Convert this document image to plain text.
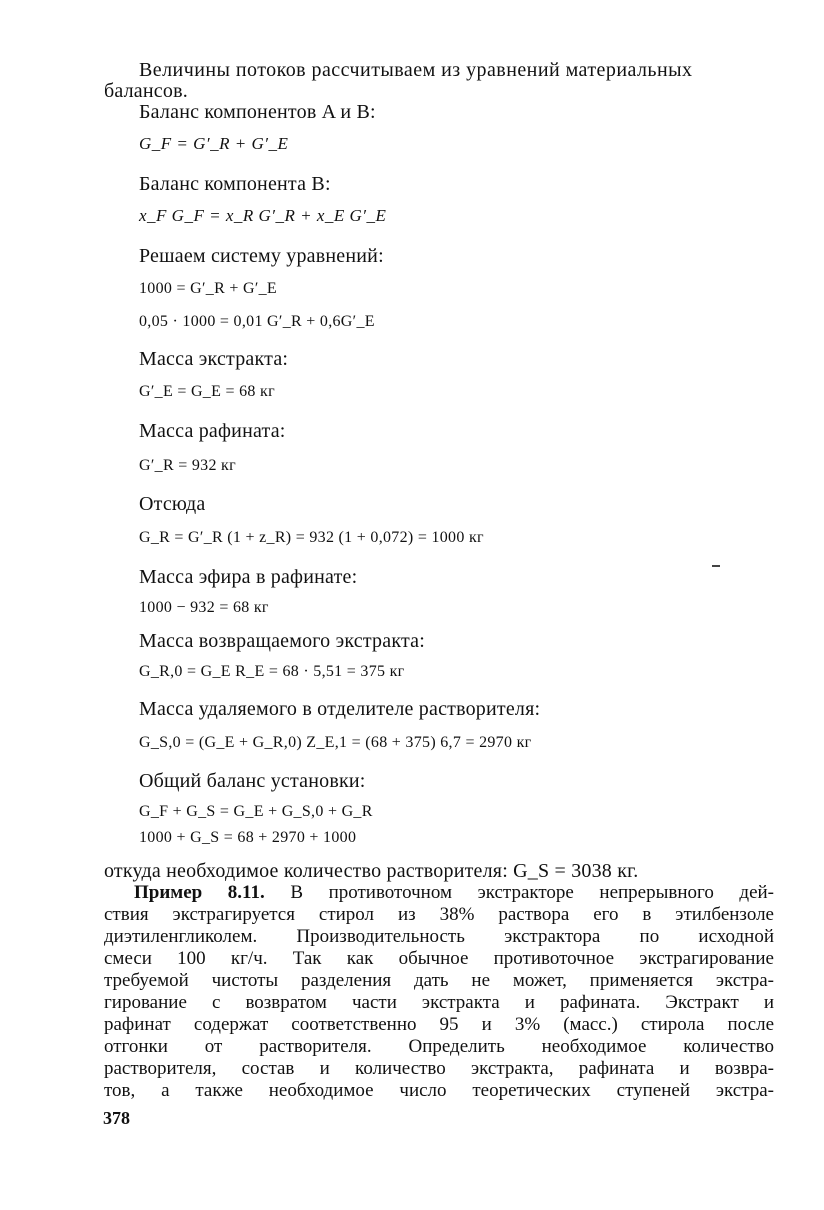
Величины потоков рассчитываем из уравнений материальных
балансов.
Баланс компонентов A и B:
G_F = G′_R + G′_E
Баланс компонента B:
x_F G_F = x_R G′_R + x_E G′_E
Решаем систему уравнений:
1000 = G′_R + G′_E
0,05 · 1000 = 0,01 G′_R + 0,6G′_E
Масса экстракта:
G′_E = G_E = 68 кг
Масса рафината:
G′_R = 932 кг
Отсюда
G_R = G′_R (1 + z_R) = 932 (1 + 0,072) = 1000 кг
Масса эфира в рафинате:
1000 − 932 = 68 кг
Масса возвращаемого экстракта:
G_R,0 = G_E R_E = 68 · 5,51 = 375 кг
Масса удаляемого в отделителе растворителя:
G_S,0 = (G_E + G_R,0) Z_E,1 = (68 + 375) 6,7 = 2970 кг
Общий баланс установки:
G_F + G_S = G_E + G_S,0 + G_R
1000 + G_S = 68 + 2970 + 1000
откуда необходимое количество растворителя: G_S = 3038 кг.
Пример 8.11. В противоточном экстракторе непрерывного дей-
ствия экстрагируется стирол из 38% раствора его в этилбензоле
диэтиленгликолем. Производительность экстрактора по исходной
смеси 100 кг/ч. Так как обычное противоточное экстрагирование
требуемой чистоты разделения дать не может, применяется экстра-
гирование с возвратом части экстракта и рафината. Экстракт и
рафинат содержат соответственно 95 и 3% (масс.) стирола после
отгонки от растворителя. Определить необходимое количество
растворителя, состав и количество экстракта, рафината и возвра-
тов, а также необходимое число теоретических ступеней экстра-
378
